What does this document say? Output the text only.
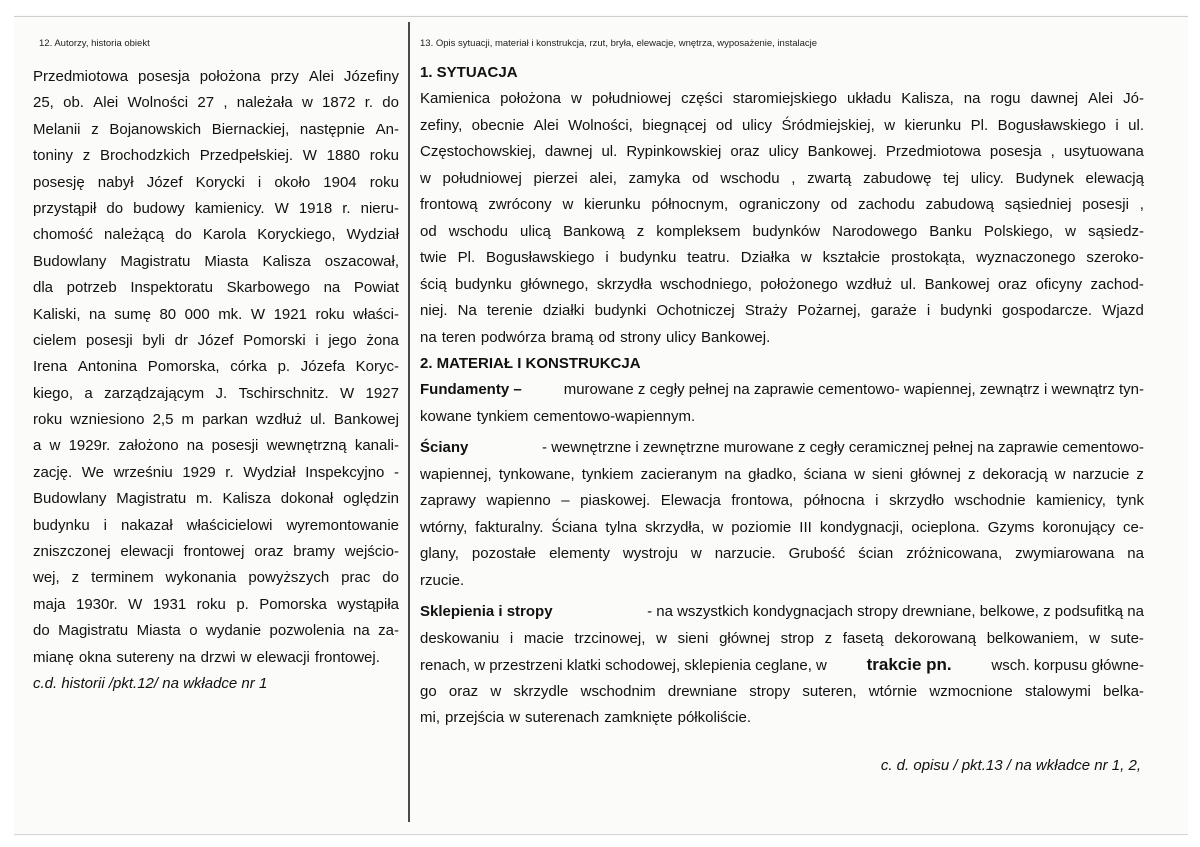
12. Autorzy, historia obiekt	13. Opis sytuacji, materiał i konstrukcja, rzut, bryła, elewacje, wnętrza, wyposażenie, instalacje
Przedmiotowa posesja położona przy Alei Józefiny
25, ob. Alei Wolności 27 , należała w 1872 r. do
Melanii z Bojanowskich Biernackiej, następnie An-
toniny z Brochodzkich Przedpełskiej. W 1880 roku
posesję nabył Józef Korycki i około 1904 roku
przystąpił do budowy kamienicy. W 1918 r. nieru-
chomość należącą do Karola Koryckiego, Wydział
Budowlany Magistratu Miasta Kalisza oszacował,
dla potrzeb Inspektoratu Skarbowego na Powiat
Kaliski, na sumę 80 000 mk. W 1921 roku właści-
cielem posesji byli dr Józef Pomorski i jego żona
Irena Antonina Pomorska, córka p. Józefa Koryc-
kiego, a zarządzającym J. Tschirschnitz. W 1927
roku wzniesiono 2,5 m parkan wzdłuż ul. Bankowej
a w 1929r. założono na posesji wewnętrzną kanali-
zację. We wrześniu 1929 r. Wydział Inspekcyjno -
Budowlany Magistratu m. Kalisza dokonał oględzin
budynku i nakazał właścicielowi wyremontowanie
zniszczonej elewacji frontowej oraz bramy wejścio-
wej, z terminem wykonania powyższych prac do
maja 1930r. W 1931 roku p. Pomorska wystąpiła
do Magistratu Miasta o wydanie pozwolenia na za-
mianę okna sutereny na drzwi w elewacji frontowej.
c.d. historii /pkt.12/ na wkładce nr 1
1. SYTUACJA
Kamienica położona w południowej części staromiejskiego układu Kalisza, na rogu dawnej Alei Jó-
zefiny, obecnie Alei Wolności, biegnącej od ulicy Śródmiejskiej, w kierunku Pl. Bogusławskiego i ul.
Częstochowskiej, dawnej ul. Rypinkowskiej oraz ulicy Bankowej. Przedmiotowa posesja , usytuowana
w południowej pierzei alei, zamyka od wschodu , zwartą zabudowę tej ulicy. Budynek elewacją
frontową zwrócony w kierunku północnym, ograniczony od zachodu zabudową sąsiedniej posesji ,
od wschodu ulicą Bankową z kompleksem budynków Narodowego Banku Polskiego, w sąsiedz-
twie Pl. Bogusławskiego i budynku teatru. Działka w kształcie prostokąta, wyznaczonego szeroko-
ścią budynku głównego, skrzydła wschodniego, położonego wzdłuż ul. Bankowej oraz oficyny zachod-
niej. Na terenie działki budynki Ochotniczej Straży Pożarnej, garaże i budynki gospodarcze. Wjazd
na teren podwórza bramą od strony ulicy Bankowej.
2. MATERIAŁ I KONSTRUKCJA
Fundamenty –	murowane z cegły pełnej na zaprawie cementowo- wapiennej, zewnątrz i wewnątrz tyn-
kowane tynkiem cementowo-wapiennym.
Ściany	- wewnętrzne i zewnętrzne murowane z cegły ceramicznej pełnej na zaprawie cementowo-
wapiennej, tynkowane, tynkiem zacieranym na gładko, ściana w sieni głównej z dekoracją w narzucie z
zaprawy wapienno – piaskowej. Elewacja frontowa, północna i skrzydło wschodnie kamienicy, tynk
wtórny, fakturalny. Ściana tylna skrzydła, w poziomie III kondygnacji, ocieplona. Gzyms koronujący ce-
glany, pozostałe elementy wystroju w narzucie. Grubość ścian zróżnicowana, zwymiarowana na
rzucie.
Sklepienia i stropy	- na wszystkich kondygnacjach stropy drewniane, belkowe, z podsufitką na
deskowaniu i macie trzcinowej, w sieni głównej strop z fasetą dekorowaną belkowaniem, w sute-
renach, w przestrzeni klatki schodowej, sklepienia ceglane, w trakcie pn.	wsch. korpusu główne-
go oraz w skrzydle wschodnim drewniane stropy suteren, wtórnie wzmocnione stalowymi belka-
mi, przejścia w suterenach zamknięte półkoliście.
c. d. opisu / pkt.13 / na wkładce nr 1, 2,
